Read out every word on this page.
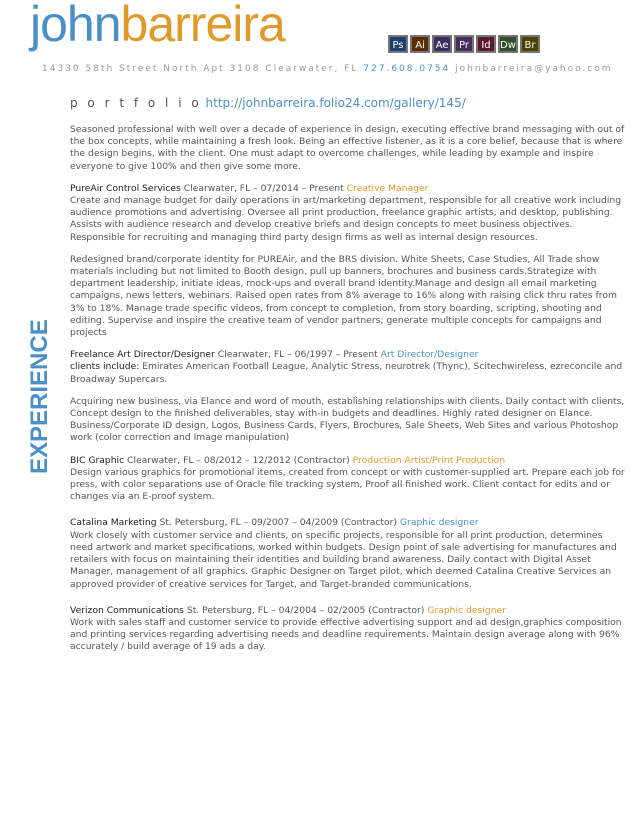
johnbarreira	Ps	Ai	Ae	Pr	Id Dw Br
14330 58th Street North Apt 3108 Clearwater, FL 727.608.0754 johnbarreira@yahoo.com
EXPERIENCE
p o r t f o l i o http://johnbarreira.folio24.com/gallery/145/

Seasoned professional with well over a decade of experience in design, executing effective brand messaging with out of the box concepts, while maintaining a fresh look. Being an effective listener, as it is a core belief, because that is where the design begins, with the client. One must adapt to overcome challenges, while leading by example and inspire everyone to give 100% and then give some more.

PureAir Control Services Clearwater, FL – 07/2014 – Present Creative Manager
Create and manage budget for daily operations in art/marketing department, responsible for all creative work including audience promotions and advertising. Oversee all print production, freelance graphic artists, and desktop, publishing. Assists with audience research and develop creative briefs and design concepts to meet business objectives. Responsible for recruiting and managing third party design firms as well as internal design resources.

Redesigned brand/corporate identity for PUREAir, and the BRS division. White Sheets, Case Studies, All Trade show materials including but not limited to Booth design, pull up banners, brochures and business cards.Strategize with department leadership, initiate ideas, mock-ups and overall brand identity.Manage and design all email marketing campaigns, news letters, webinars. Raised open rates from 8% average to 16% along with raising click thru rates from 3% to 18%. Manage trade specific videos, from concept to completion, from story boarding, scripting, shooting and editing. Supervise and inspire the creative team of vendor partners; generate multiple concepts for campaigns and projects

Freelance Art Director/Designer Clearwater, FL – 06/1997 – Present Art Director/Designer
clients include: Emirates American Football League, Analytic Stress, neurotrek (Thync), Scitechwireless, ezreconcile and Broadway Supercars.

Acquiring new business, via Elance and word of mouth, establishing relationships with clients. Daily contact with clients, Concept design to the finished deliverables, stay with-in budgets and deadlines. Highly rated designer on Elance. Business/Corporate ID design, Logos, Business Cards, Flyers, Brochures, Sale Sheets, Web Sites and various Photoshop work (color correction and Image manipulation)

BIC Graphic Clearwater, FL – 08/2012 – 12/2012 (Contractor) Production Artist/Print Production
Design various graphics for promotional items, created from concept or with customer-supplied art. Prepare each job for press, with color separations use of Oracle file tracking system, Proof all finished work. Client contact for edits and or changes via an E-proof system.

Catalina Marketing St. Petersburg, FL – 09/2007 – 04/2009 (Contractor) Graphic designer
Work closely with customer service and clients, on specific projects, responsible for all print production, determines need artwork and market specifications, worked within budgets. Design point of sale advertising for manufactures and retailers with focus on maintaining their identities and building brand awareness. Daily contact with Digital Asset Manager, management of all graphics. Graphic Designer on Target pilot, which deemed Catalina Creative Services an approved provider of creative services for Target, and Target-branded communications.

Verizon Communications St. Petersburg, FL – 04/2004 – 02/2005 (Contractor) Graphic designer
Work with sales staff and customer service to provide effective advertising support and ad design,graphics composition and printing services regarding advertising needs and deadline requirements. Maintain design average along with 96% accurately / build average of 19 ads a day.
